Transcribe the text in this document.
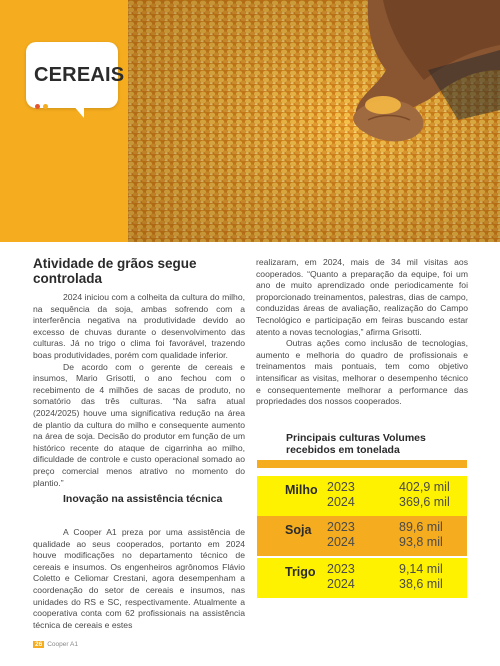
CEREAIS
Atividade de grãos segue controlada

2024 iniciou com a colheita da cultura do milho, na sequência da soja, ambas sofrendo com a interferência negativa na produtividade devido ao excesso de chuvas durante o desenvolvimento das culturas. Já no trigo o clima foi favorável, trazendo boas produtividades, porém com qualidade inferior.

De acordo com o gerente de cereais e insumos, Mario Grisotti, o ano fechou com o recebimento de 4 milhões de sacas de produto, no somatório das três culturas. “Na safra atual (2024/2025) houve uma significativa redução na área de plantio da cultura do milho e consequente aumento na área de soja. Decisão do produtor em função de um histórico recente do ataque de cigarrinha ao milho, dificuldade de controle e custo operacional somado ao preço comercial menos atrativo no momento do plantio.”

Inovação na assistência técnica

A Cooper A1 preza por uma assistência de qualidade ao seus cooperados, portanto em 2024 houve modificações no departamento técnico de cereais e insumos. Os engenheiros agrônomos Flávio Coletto e Celiomar Crestani, agora desempenham a coordenação do setor de cereais e insumos, nas unidades do RS e SC, respectivamente. Atualmente a cooperativa conta com 62 profissionais na assistência técnica de cereais e estes

realizaram, em 2024, mais de 34 mil visitas aos cooperados. “Quanto a preparação da equipe, foi um ano de muito aprendizado onde periodicamente foi proporcionado treinamentos, palestras, dias de campo, conduzidas áreas de avaliação, realização do Campo Tecnológico e participação em feiras buscando estar atento a novas tecnologias,” afirma Grisotti.

Outras ações como inclusão de tecnologias, aumento e melhoria do quadro de profissionais e treinamentos mais pontuais, tem como objetivo intensificar as visitas, melhorar o desempenho técnico e consequentemente melhorar a performance das propriedades dos nossos cooperados.

Principais culturas Volumes recebidos em tonelada
Milho 2023	402,9 mil
2024	369,6 mil
Soja 2023	89,6 mil
2024	93,8 mil
Trigo 2023	9,14 mil
2024	38,6 mil
26 Cooper A1
